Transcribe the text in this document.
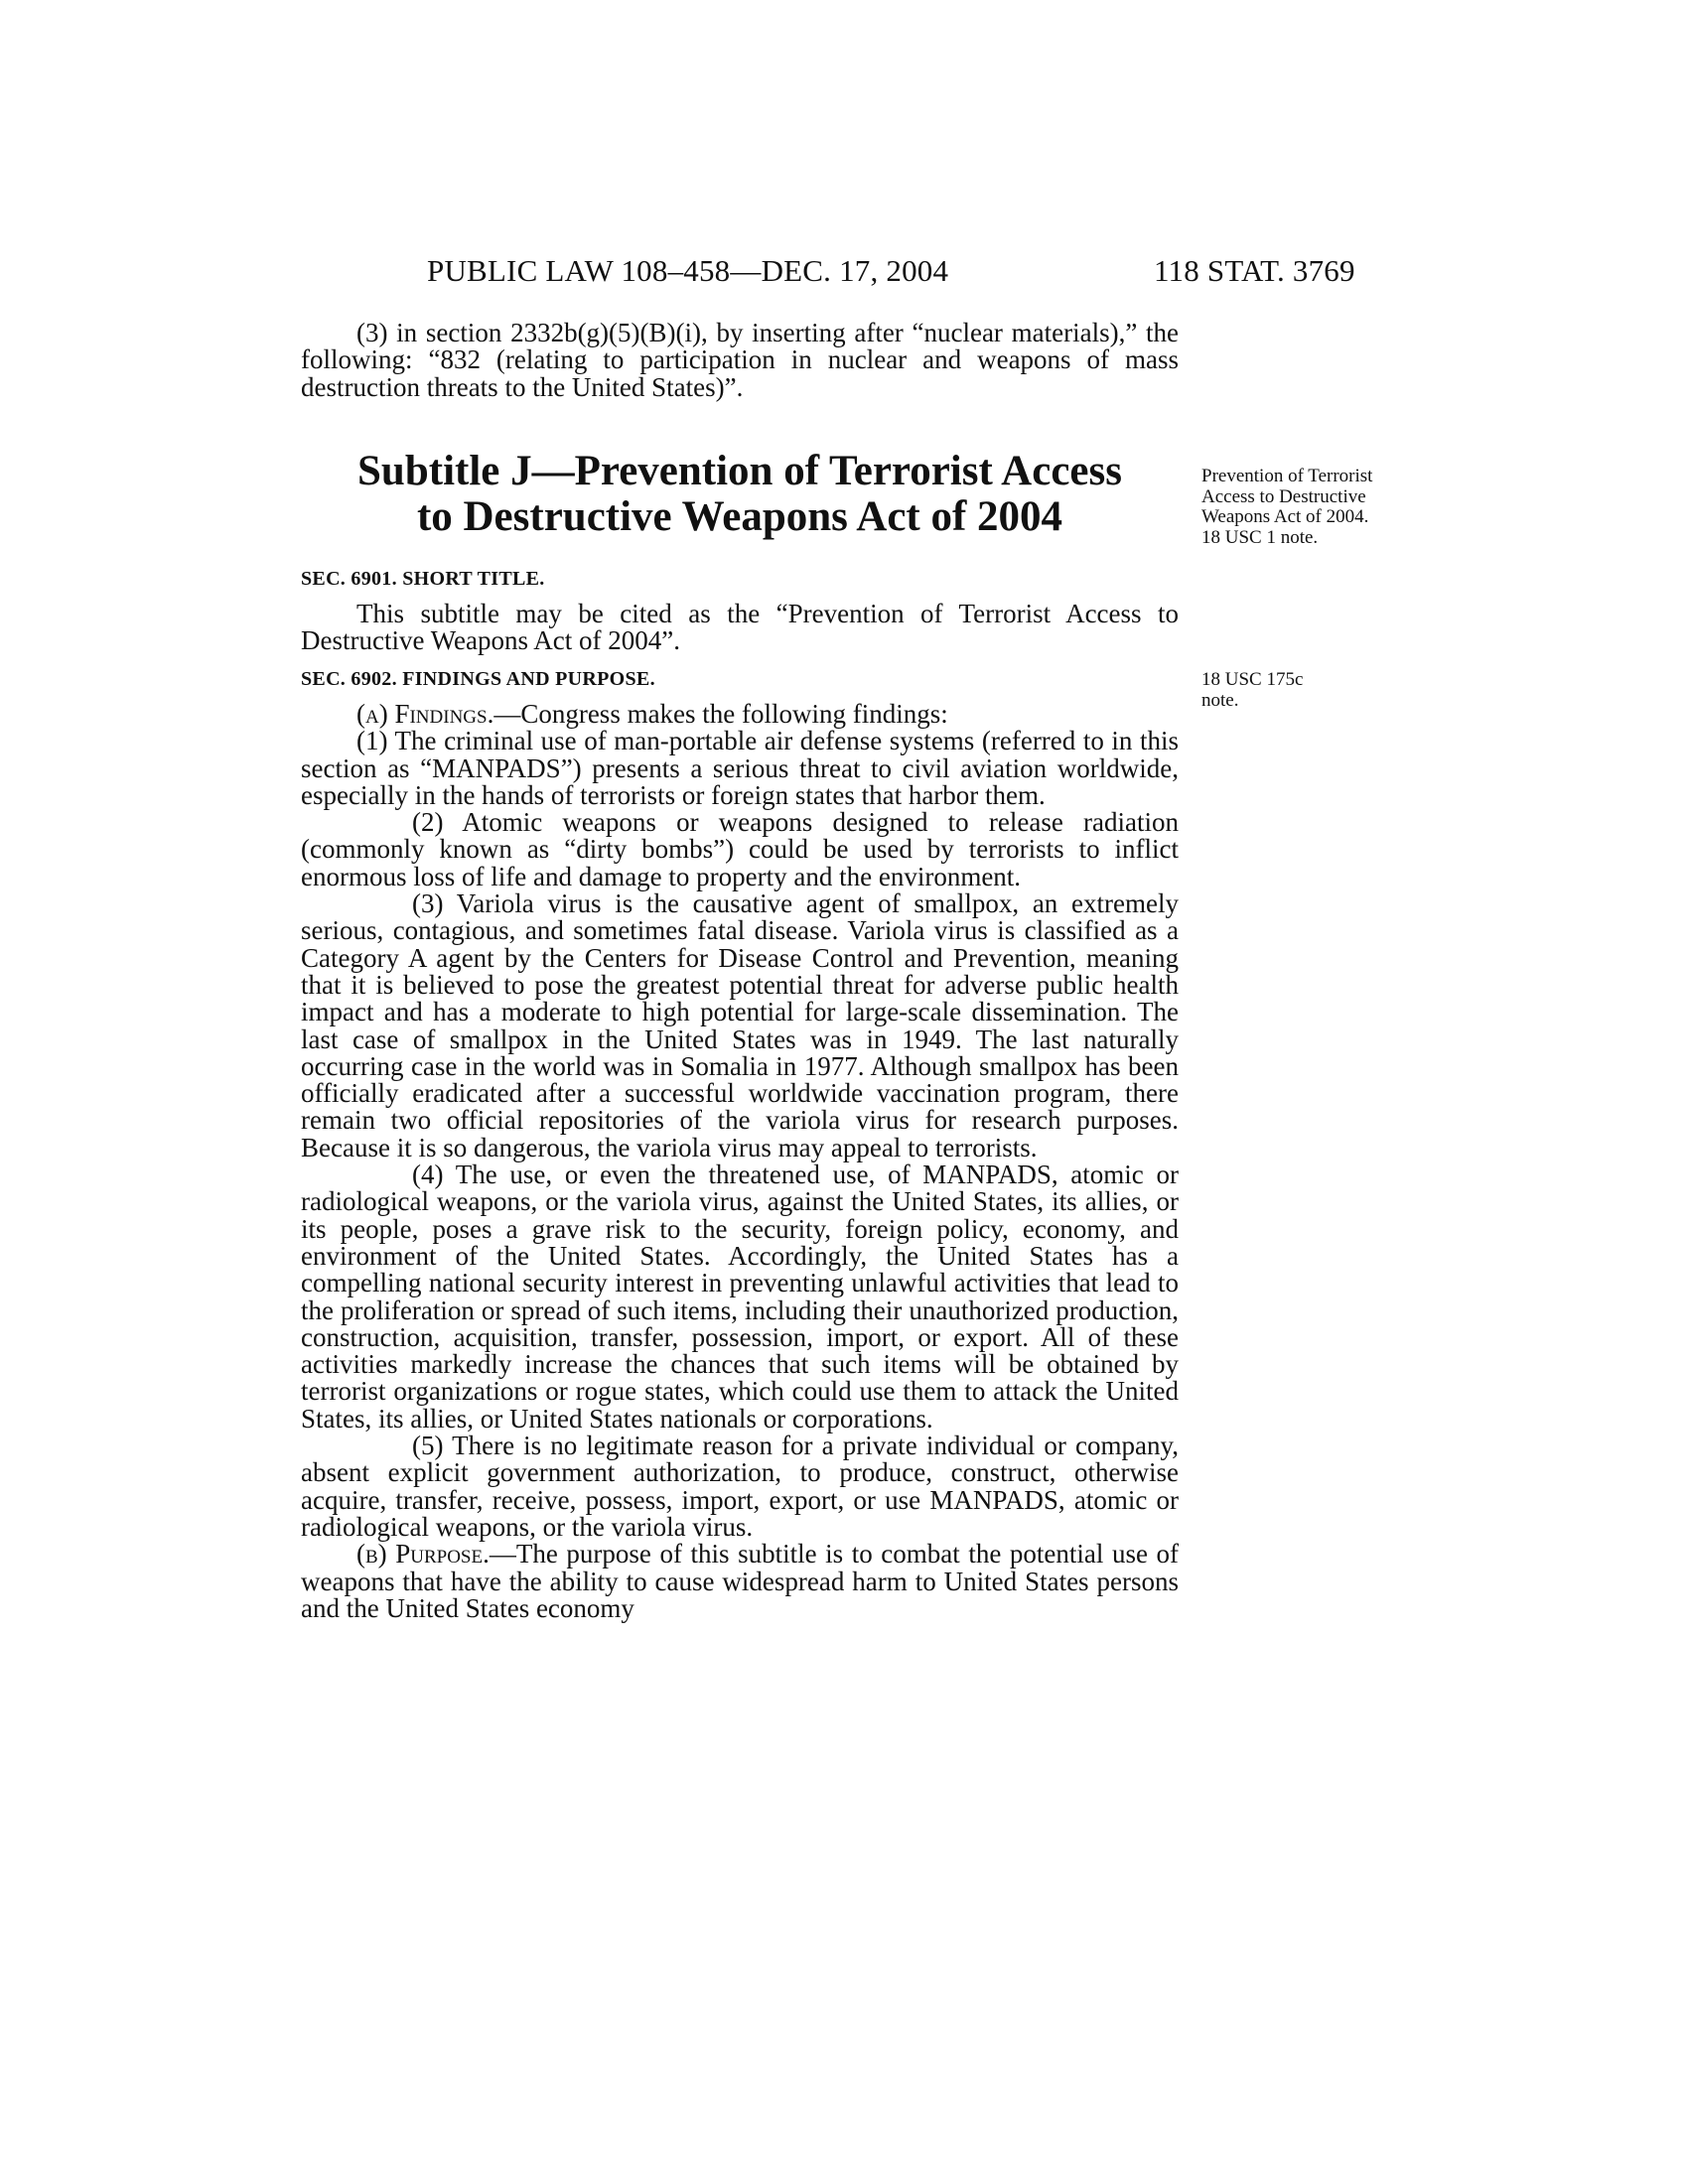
PUBLIC LAW 108–458—DEC. 17, 2004	118 STAT. 3769

(3) in section 2332b(g)(5)(B)(i), by inserting after “nuclear materials),” the following: “832 (relating to participation in nuclear and weapons of mass destruction threats to the United States)”.

Subtitle J—Prevention of Terrorist Access
to Destructive Weapons Act of 2004
SEC. 6901. SHORT TITLE.

This subtitle may be cited as the “Prevention of Terrorist Access to Destructive Weapons Act of 2004”.

SEC. 6902. FINDINGS AND PURPOSE.

(a) Findings.—Congress makes the following findings:

(1) The criminal use of man-portable air defense systems (referred to in this section as “MANPADS”) presents a serious threat to civil aviation worldwide, especially in the hands of terrorists or foreign states that harbor them.

(2) Atomic weapons or weapons designed to release radiation (commonly known as “dirty bombs”) could be used by terrorists to inflict enormous loss of life and damage to property and the environment.

(3) Variola virus is the causative agent of smallpox, an extremely serious, contagious, and sometimes fatal disease. Variola virus is classified as a Category A agent by the Centers for Disease Control and Prevention, meaning that it is believed to pose the greatest potential threat for adverse public health impact and has a moderate to high potential for large-scale dissemination. The last case of smallpox in the United States was in 1949. The last naturally occurring case in the world was in Somalia in 1977. Although smallpox has been officially eradicated after a successful worldwide vaccination program, there remain two official repositories of the variola virus for research purposes. Because it is so dangerous, the variola virus may appeal to terrorists.

(4) The use, or even the threatened use, of MANPADS, atomic or radiological weapons, or the variola virus, against the United States, its allies, or its people, poses a grave risk to the security, foreign policy, economy, and environment of the United States. Accordingly, the United States has a compelling national security interest in preventing unlawful activities that lead to the proliferation or spread of such items, including their unauthorized production, construction, acquisition, transfer, possession, import, or export. All of these activities markedly increase the chances that such items will be obtained by terrorist organizations or rogue states, which could use them to attack the United States, its allies, or United States nationals or corporations.

(5) There is no legitimate reason for a private individual or company, absent explicit government authorization, to produce, construct, otherwise acquire, transfer, receive, possess, import, export, or use MANPADS, atomic or radiological weapons, or the variola virus.

(b) Purpose.—The purpose of this subtitle is to combat the potential use of weapons that have the ability to cause widespread harm to United States persons and the United States economy

Prevention of Terrorist Access to Destructive Weapons Act of 2004.
18 USC 1 note.
18 USC 175c note.
